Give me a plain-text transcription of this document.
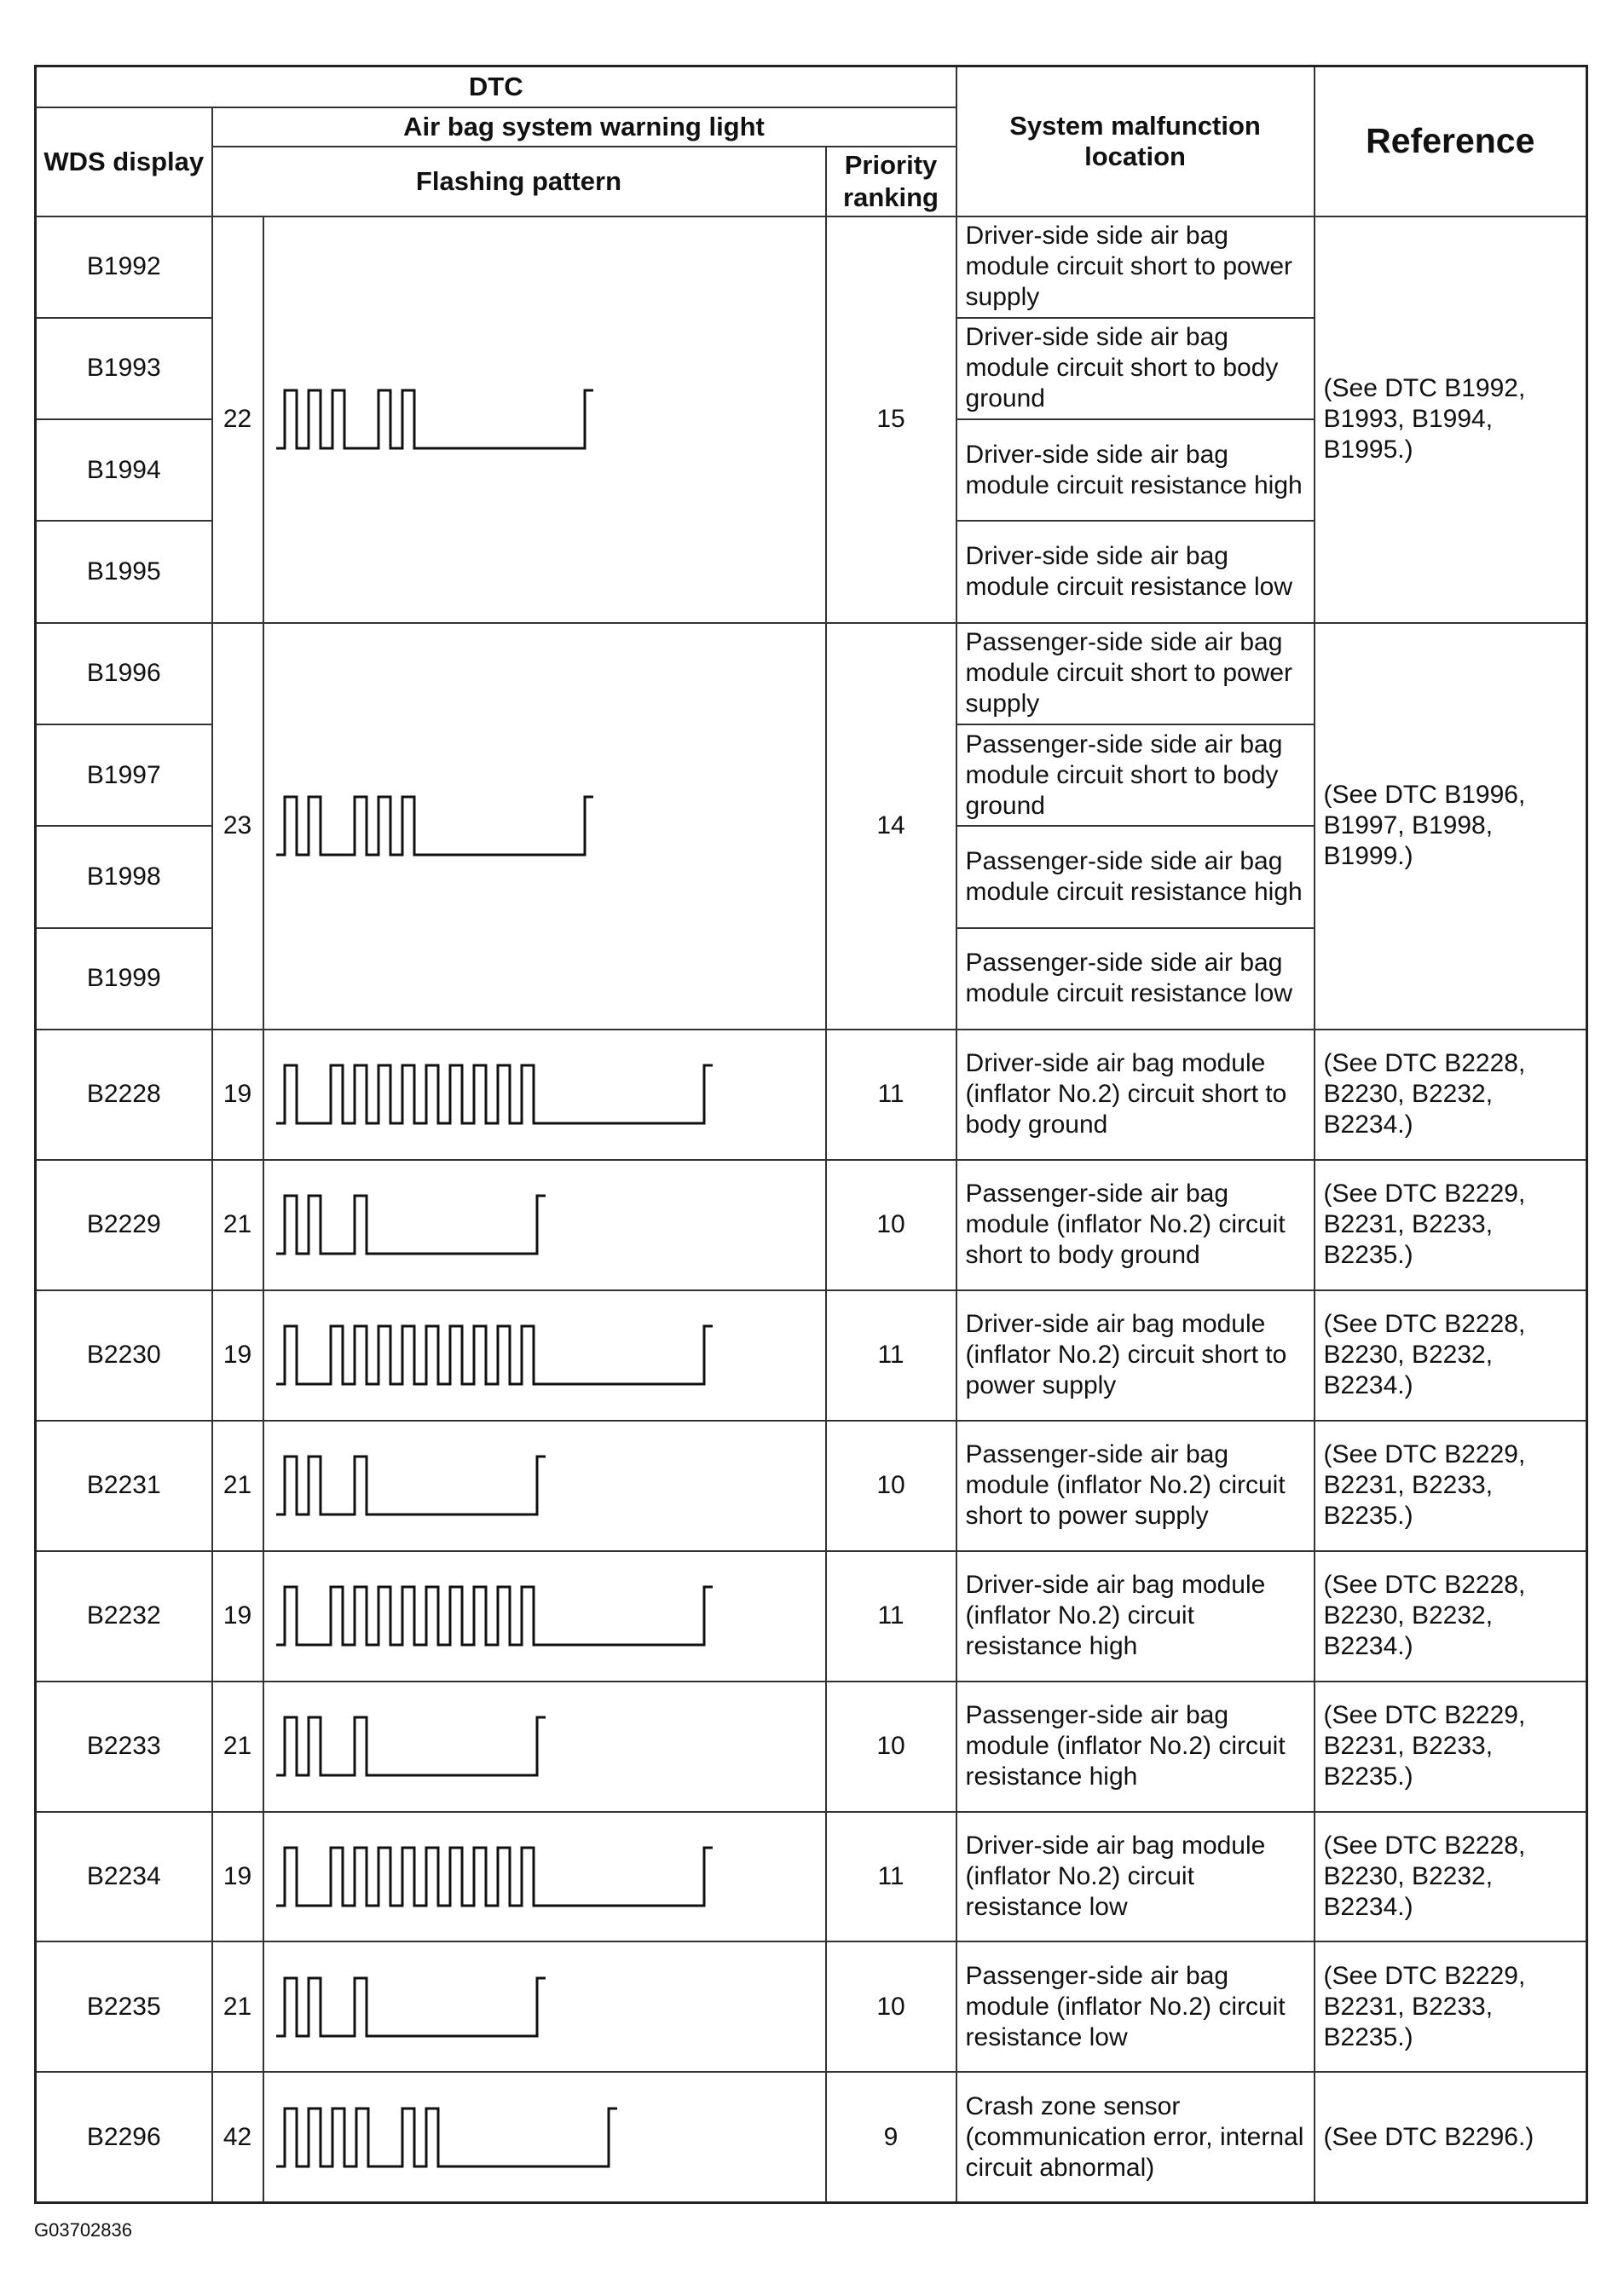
DTC				System malfunction location	Reference
WDS display	Air bag system warning light				
	Flashing pattern		Priority ranking		
B1992	22		15	Driver-side side air bag module circuit short to power supply	(See DTC B1992, B1993, B1994, B1995.)
B1993				Driver-side side air bag module circuit short to body ground	
B1994				Driver-side side air bag module circuit resistance high	
B1995				Driver-side side air bag module circuit resistance low	
B1996	23		14	Passenger-side side air bag module circuit short to power supply	(See DTC B1996, B1997, B1998, B1999.)
B1997				Passenger-side side air bag module circuit short to body ground	
B1998				Passenger-side side air bag module circuit resistance high	
B1999				Passenger-side side air bag module circuit resistance low	
B2228	19		11	Driver-side air bag module (inflator No.2) circuit short to body ground	(See DTC B2228, B2230, B2232, B2234.)
B2229	21		10	Passenger-side air bag module (inflator No.2) circuit short to body ground	(See DTC B2229, B2231, B2233, B2235.)
B2230	19		11	Driver-side air bag module (inflator No.2) circuit short to power supply	(See DTC B2228, B2230, B2232, B2234.)
B2231	21		10	Passenger-side air bag module (inflator No.2) circuit short to power supply	(See DTC B2229, B2231, B2233, B2235.)
B2232	19		11	Driver-side air bag module (inflator No.2) circuit resistance high	(See DTC B2228, B2230, B2232, B2234.)
B2233	21		10	Passenger-side air bag module (inflator No.2) circuit resistance high	(See DTC B2229, B2231, B2233, B2235.)
B2234	19		11	Driver-side air bag module (inflator No.2) circuit resistance low	(See DTC B2228, B2230, B2232, B2234.)
B2235	21		10	Passenger-side air bag module (inflator No.2) circuit resistance low	(See DTC B2229, B2231, B2233, B2235.)
B2296	42		9	Crash zone sensor (communication error, internal circuit abnormal)	(See DTC B2296.)
G03702836
